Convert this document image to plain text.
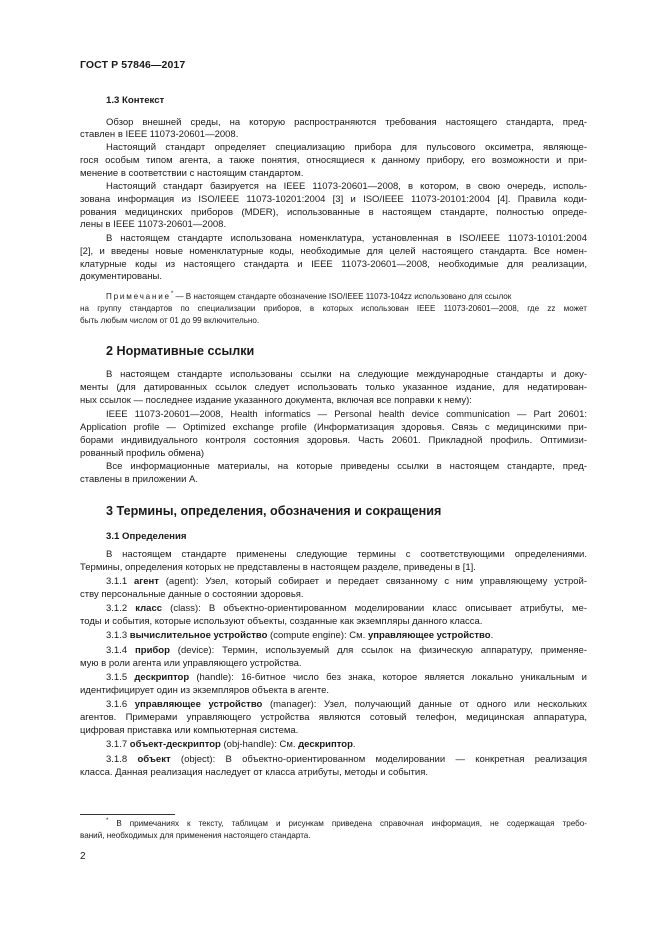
ГОСТ Р 57846—2017
1.3 Контекст
Обзор внешней среды, на которую распространяются требования настоящего стандарта, пред-
ставлен в IEEE 11073-20601—2008.
Настоящий стандарт определяет специализацию прибора для пульсового оксиметра, являюще-
гося особым типом агента, а также понятия, относящиеся к данному прибору, его возможности и при-
менение в соответствии с настоящим стандартом.
Настоящий стандарт базируется на IEEE 11073-20601—2008, в котором, в свою очередь, исполь-
зована информация из ISO/IEEE 11073-10201:2004 [3] и ISO/IEEE 11073-20101:2004 [4]. Правила коди-
рования медицинских приборов (MDER), использованные в настоящем стандарте, полностью опреде-
лены в IEEE 11073-20601—2008.
В настоящем стандарте использована номенклатура, установленная в ISO/IEEE 11073-10101:2004
[2], и введены новые номенклатурные коды, необходимые для целей настоящего стандарта. Все номен-
клатурные коды из настоящего стандарта и IEEE 11073-20601—2008, необходимые для реализации,
документированы.
Примечание* — В настоящем стандарте обозначение ISO/IEEE 11073-104zz использовано для ссылок
на группу стандартов по специализации приборов, в которых использован IEEE 11073-20601—2008, где zz может
быть любым числом от 01 до 99 включительно.
2 Нормативные ссылки
В настоящем стандарте использованы ссылки на следующие международные стандарты и доку-
менты (для датированных ссылок следует использовать только указанное издание, для недатирован-
ных ссылок — последнее издание указанного документа, включая все поправки к нему):
IEEE 11073-20601—2008, Health informatics — Personal health device communication — Part 20601:
Application profile — Optimized exchange profile (Информатизация здоровья. Связь с медицинскими при-
борами индивидуального контроля состояния здоровья. Часть 20601. Прикладной профиль. Оптимизи-
рованный профиль обмена)
Все информационные материалы, на которые приведены ссылки в настоящем стандарте, пред-
ставлены в приложении А.
3 Термины, определения, обозначения и сокращения
3.1 Определения
В настоящем стандарте применены следующие термины с соответствующими определениями.
Термины, определения которых не представлены в настоящем разделе, приведены в [1].
3.1.1 агент (agent): Узел, который собирает и передает связанному с ним управляющему устрой-
ству персональные данные о состоянии здоровья.
3.1.2 класс (class): В объектно-ориентированном моделировании класс описывает атрибуты, ме-
тоды и события, которые используют объекты, созданные как экземпляры данного класса.
3.1.3 вычислительное устройство (compute engine): См. управляющее устройство.
3.1.4 прибор (device): Термин, используемый для ссылок на физическую аппаратуру, применяе-
мую в роли агента или управляющего устройства.
3.1.5 дескриптор (handle): 16-битное число без знака, которое является локально уникальным и
идентифицирует один из экземпляров объекта в агенте.
3.1.6 управляющее устройство (manager): Узел, получающий данные от одного или нескольких
агентов. Примерами управляющего устройства являются сотовый телефон, медицинская аппаратура,
цифровая приставка или компьютерная система.
3.1.7 объект-дескриптор (obj-handle): См. дескриптор.
3.1.8 объект (object): В объектно-ориентированном моделировании — конкретная реализация
класса. Данная реализация наследует от класса атрибуты, методы и события.
* В примечаниях к тексту, таблицам и рисункам приведена справочная информация, не содержащая требо-
ваний, необходимых для применения настоящего стандарта.
2
